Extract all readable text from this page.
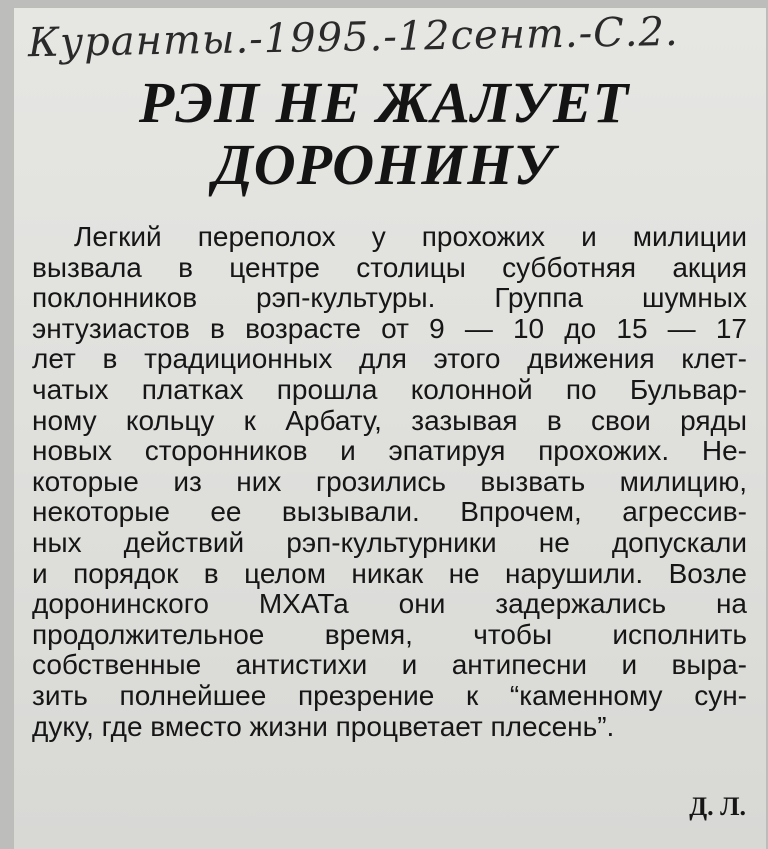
Куранты.-1995.-12сент.-С.2.
РЭП НЕ ЖАЛУЕТ
ДОРОНИНУ
Легкий переполох у прохожих и милиции
вызвала в центре столицы субботняя акция
поклонников рэп-культуры. Группа шумных
энтузиастов в возрасте от 9 — 10 до 15 — 17
лет в традиционных для этого движения клет-
чатых платках прошла колонной по Бульвар-
ному кольцу к Арбату, зазывая в свои ряды
новых сторонников и эпатируя прохожих. Не-
которые из них грозились вызвать милицию,
некоторые ее вызывали. Впрочем, агрессив-
ных действий рэп-культурники не допускали
и порядок в целом никак не нарушили. Возле
доронинского МХАТа они задержались на
продолжительное время, чтобы исполнить
собственные антистихи и антипесни и выра-
зить полнейшее презрение к “каменному сун-
дуку, где вместо жизни процветает плесень”.
Д. Л.
